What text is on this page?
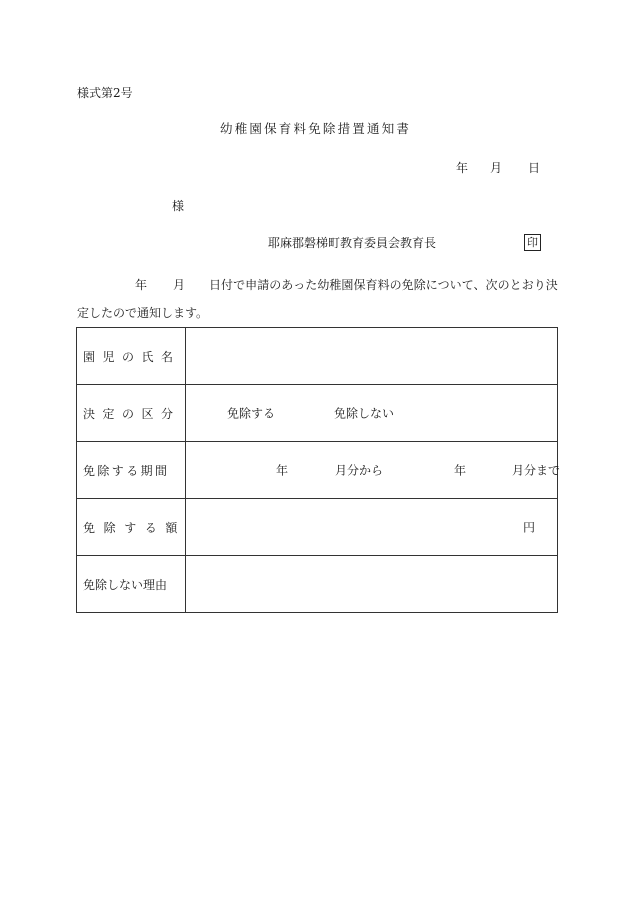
様式第2号
幼稚園保育料免除措置通知書
年 月 日
様
耶麻郡磐梯町教育委員会教育長	印
年 月 日付で申請のあった幼稚園保育料の免除について、次のとおり決
定したので通知します。
園児の氏名	
決定の区分	免除する 免除しない

免除する期間	年 月分から 年 月分まで

免除する額	円

免除しない理由	
